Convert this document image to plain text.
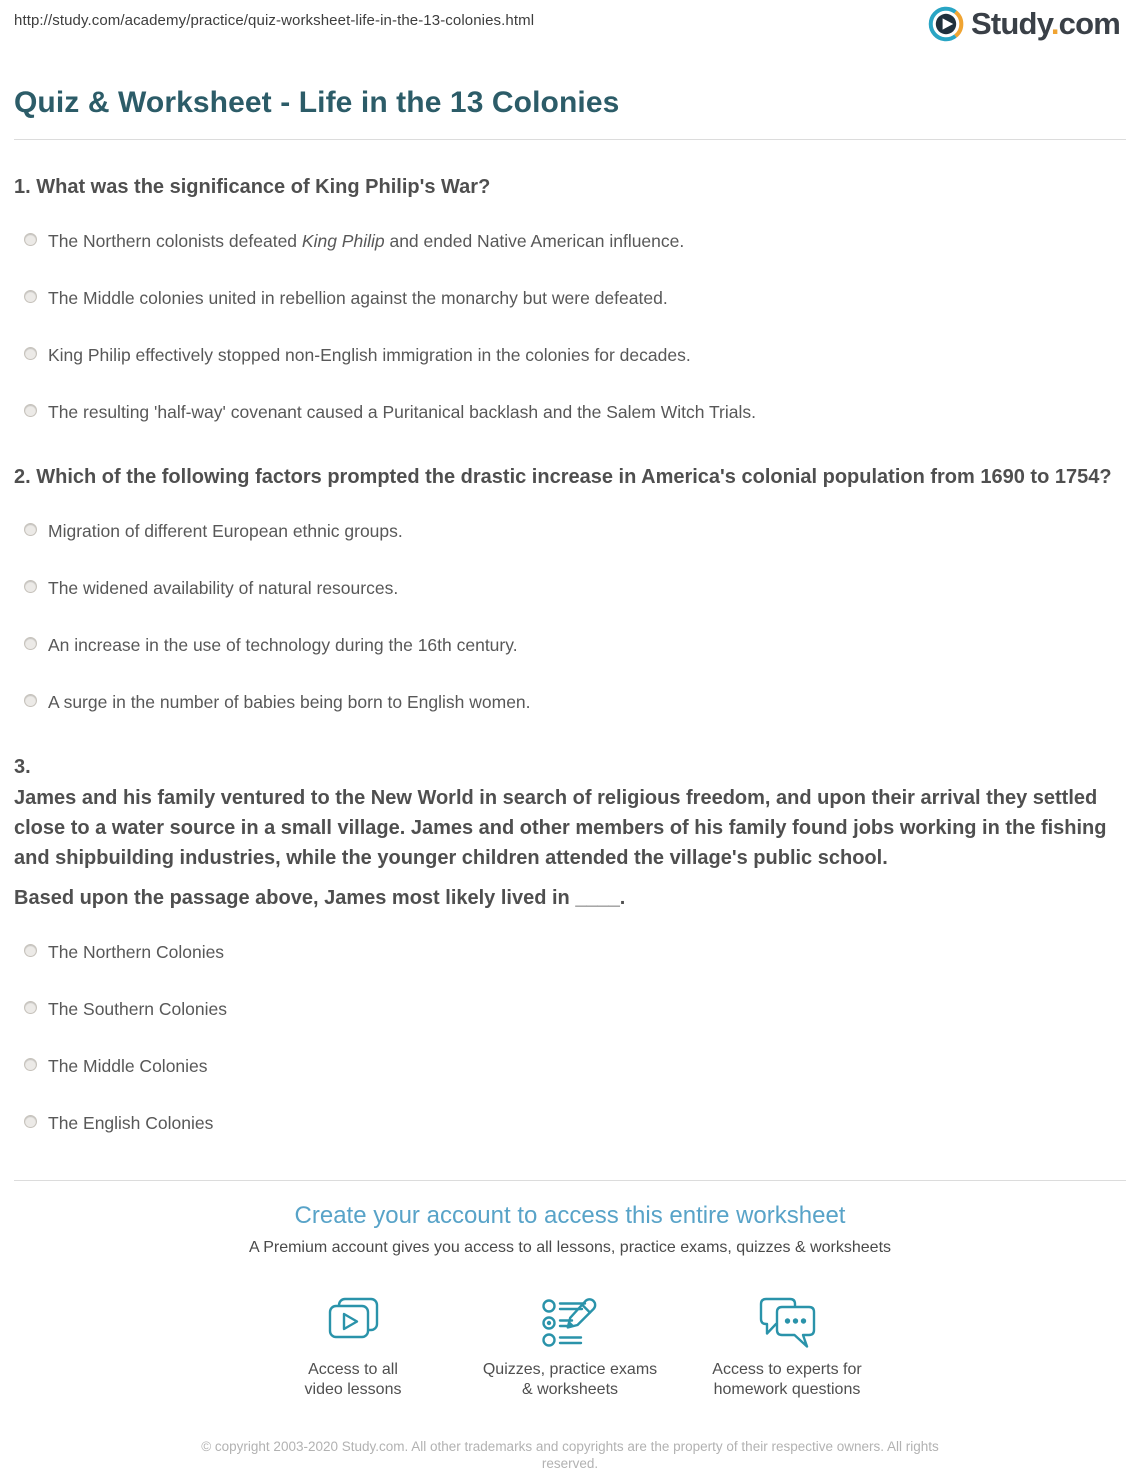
http://study.com/academy/practice/quiz-worksheet-life-in-the-13-colonies.html	Study.com
Quiz & Worksheet - Life in the 13 Colonies
1. What was the significance of King Philip's War?
The Northern colonists defeated King Philip and ended Native American influence.
The Middle colonies united in rebellion against the monarchy but were defeated.
King Philip effectively stopped non-English immigration in the colonies for decades.
The resulting 'half-way' covenant caused a Puritanical backlash and the Salem Witch Trials.
2. Which of the following factors prompted the drastic increase in America's colonial population from 1690 to 1754?
Migration of different European ethnic groups.
The widened availability of natural resources.
An increase in the use of technology during the 16th century.
A surge in the number of babies being born to English women.
3.
James and his family ventured to the New World in search of religious freedom, and upon their arrival they settled close to a water source in a small village. James and other members of his family found jobs working in the fishing and shipbuilding industries, while the younger children attended the village's public school.
Based upon the passage above, James most likely lived in ____.
The Northern Colonies
The Southern Colonies
The Middle Colonies
The English Colonies
Create your account to access this entire worksheet
A Premium account gives you access to all lessons, practice exams, quizzes & worksheets
Access to all
video lessons
Quizzes, practice exams
& worksheets
Access to experts for
homework questions
© copyright 2003-2020 Study.com. All other trademarks and copyrights are the property of their respective owners. All rights reserved.
